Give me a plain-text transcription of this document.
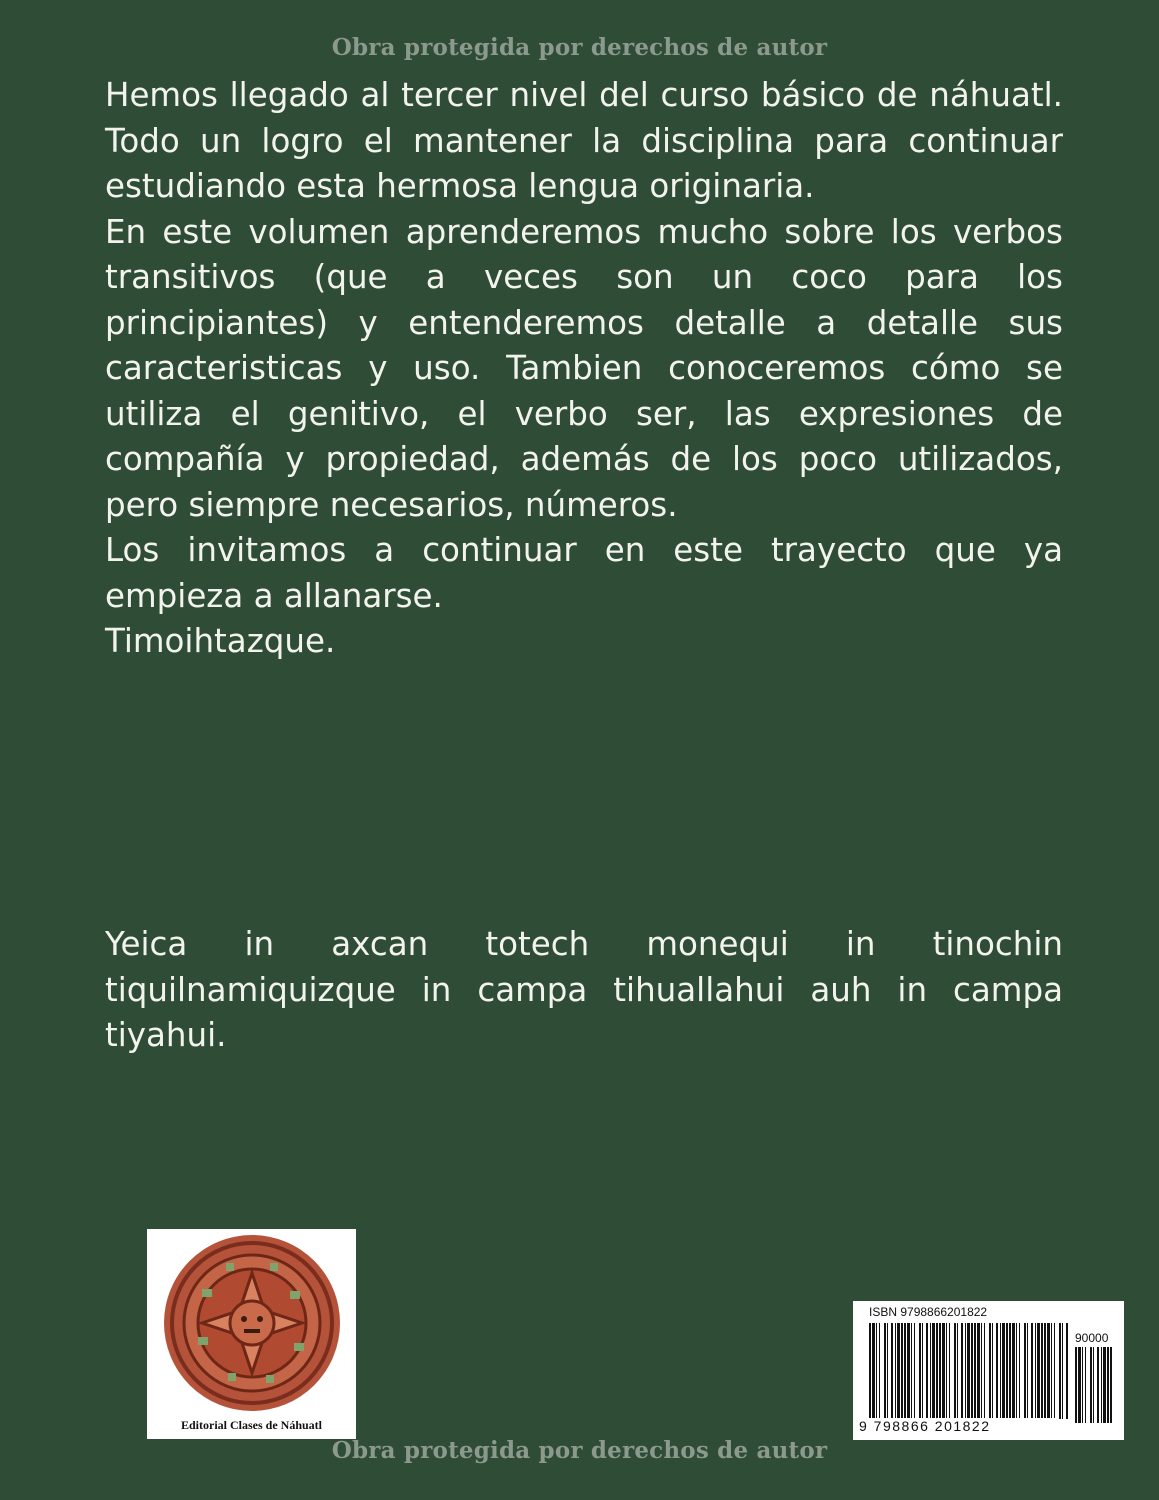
Obra protegida por derechos de autor

Hemos llegado al tercer nivel del curso básico de náhuatl. Todo un logro el mantener la disciplina para continuar estudiando esta hermosa lengua originaria.

En este volumen aprenderemos mucho sobre los verbos transitivos (que a veces son un coco para los principiantes) y entenderemos detalle a detalle sus caracteristicas y uso. Tambien conoceremos cómo se utiliza el genitivo, el verbo ser, las expresiones de compañía y propiedad, además de los poco utilizados, pero siempre necesarios, números.

Los invitamos a continuar en este trayecto que ya empieza a allanarse.

Timoihtazque.

Yeica in axcan totech monequi in tinochin tiquilnamiquizque in campa tihuallahui auh in campa tiyahui.

Editorial Clases de Náhuatl
ISBN 9798866201822
90000
9 798866 201822
Obra protegida por derechos de autor
